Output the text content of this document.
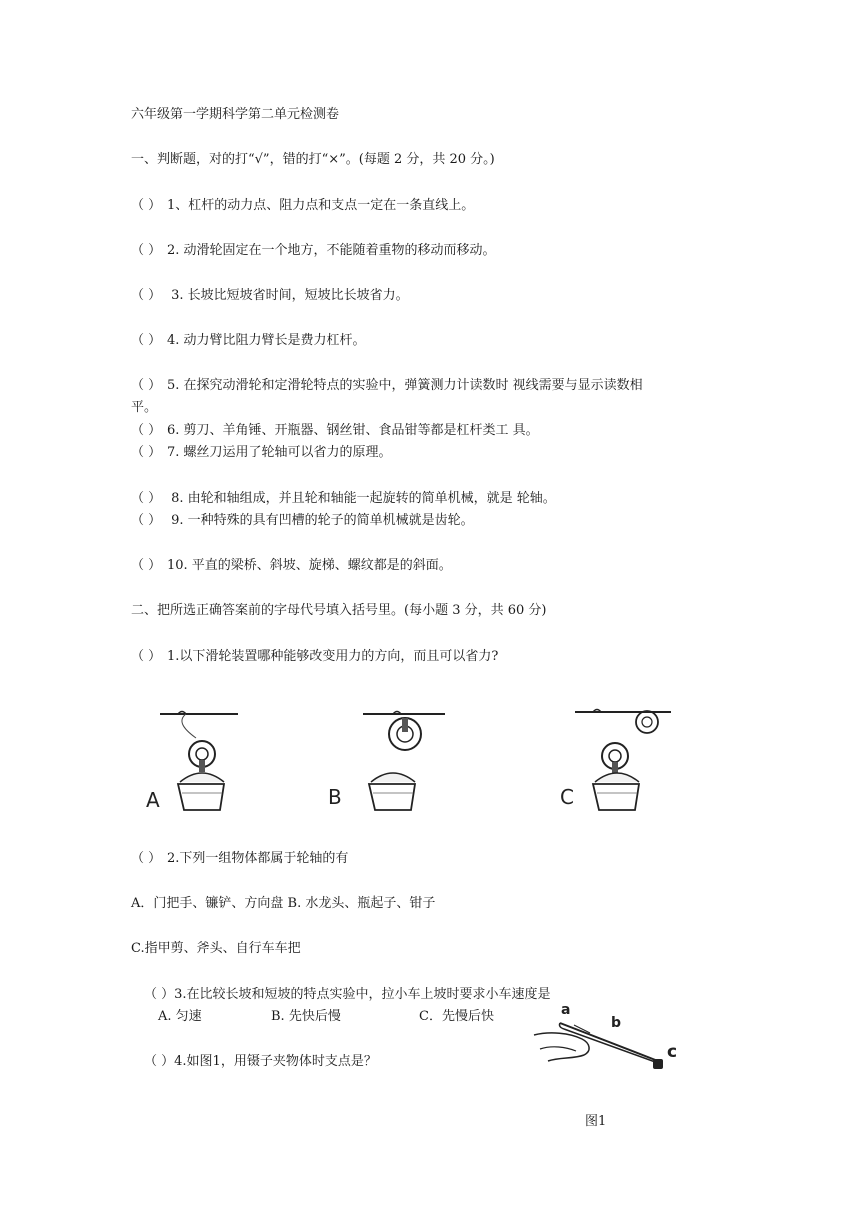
六年级第一学期科学第二单元检测卷
一、判断题，对的打“√”，错的打“×”。(每题 2 分，共 20 分。)
（ ） 1、杠杆的动力点、阻力点和支点一定在一条直线上。
（ ） 2. 动滑轮固定在一个地方，不能随着重物的移动而移动。
（ ） 3. 长坡比短坡省时间，短坡比长坡省力。
（ ） 4. 动力臂比阻力臂长是费力杠杆。
（ ） 5. 在探究动滑轮和定滑轮特点的实验中，弹簧测力计读数时 视线需要与显示读数相
平。
（ ） 6. 剪刀、羊角锤、开瓶器、钢丝钳、食品钳等都是杠杆类工 具。
（ ） 7. 螺丝刀运用了轮轴可以省力的原理。
（ ） 8. 由轮和轴组成，并且轮和轴能一起旋转的简单机械，就是 轮轴。
（ ） 9. 一种特殊的具有凹槽的轮子的简单机械就是齿轮。
（ ） 10. 平直的梁桥、斜坡、旋梯、螺纹都是的斜面。
二、把所选正确答案前的字母代号填入括号里。(每小题 3 分，共 60 分)
（ ） 1.以下滑轮装置哪种能够改变用力的方向，而且可以省力?
A	B	C
（ ） 2.下列一组物体都属于轮轴的有
A．门把手、镰铲、方向盘 B. 水龙头、瓶起子、钳子
C.指甲剪、斧头、自行车车把
（ ）3.在比较长坡和短坡的特点实验中，拉小车上坡时要求小车速度是
A. 匀速	B. 先快后慢	C．先慢后快
（ ）4.如图1，用镊子夹物体时支点是？
a
b
c
图1
